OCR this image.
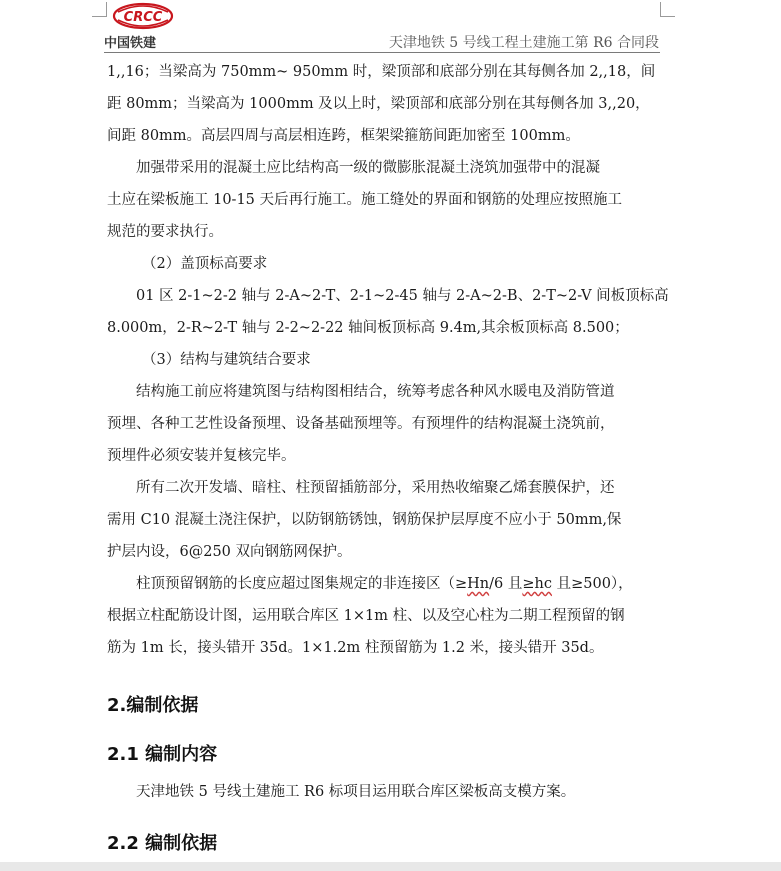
CRCC
中国铁建	天津地铁 5 号线工程土建施工第 R6 合同段

1,,16；当梁高为 750mm~ 950mm 时，梁顶部和底部分别在其每侧各加 2,,18，间

距 80mm；当梁高为 1000mm 及以上时，梁顶部和底部分别在其每侧各加 3,,20，

间距 80mm。高层四周与高层相连跨，框架梁箍筋间距加密至 100mm。

加强带采用的混凝土应比结构高一级的微膨胀混凝土浇筑加强带中的混凝

土应在梁板施工 10-15 天后再行施工。施工缝处的界面和钢筋的处理应按照施工

规范的要求执行。

（2）盖顶标高要求

01 区 2-1~2-2 轴与 2-A~2-T、2-1~2-45 轴与 2-A~2-B、2-T~2-V 间板顶标高

8.000m，2-R~2-T 轴与 2-2~2-22 轴间板顶标高 9.4m,其余板顶标高 8.500；

（3）结构与建筑结合要求

结构施工前应将建筑图与结构图相结合，统筹考虑各种风水暖电及消防管道

预埋、各种工艺性设备预埋、设备基础预埋等。有预埋件的结构混凝土浇筑前，

预埋件必须安装并复核完毕。

所有二次开发墙、暗柱、柱预留插筋部分，采用热收缩聚乙烯套膜保护，还

需用 C10 混凝土浇注保护，以防钢筋锈蚀，钢筋保护层厚度不应小于 50mm,保

护层内设，6@250 双向钢筋网保护。

柱顶预留钢筋的长度应超过图集规定的非连接区（≥Hn/6 且≥hc 且≥500），

根据立柱配筋设计图，运用联合库区 1×1m 柱、以及空心柱为二期工程预留的钢

筋为 1m 长，接头错开 35d。1×1.2m 柱预留筋为 1.2 米，接头错开 35d。

2.编制依据
2.1 编制内容

天津地铁 5 号线土建施工 R6 标项目运用联合库区梁板高支模方案。

2.2 编制依据
